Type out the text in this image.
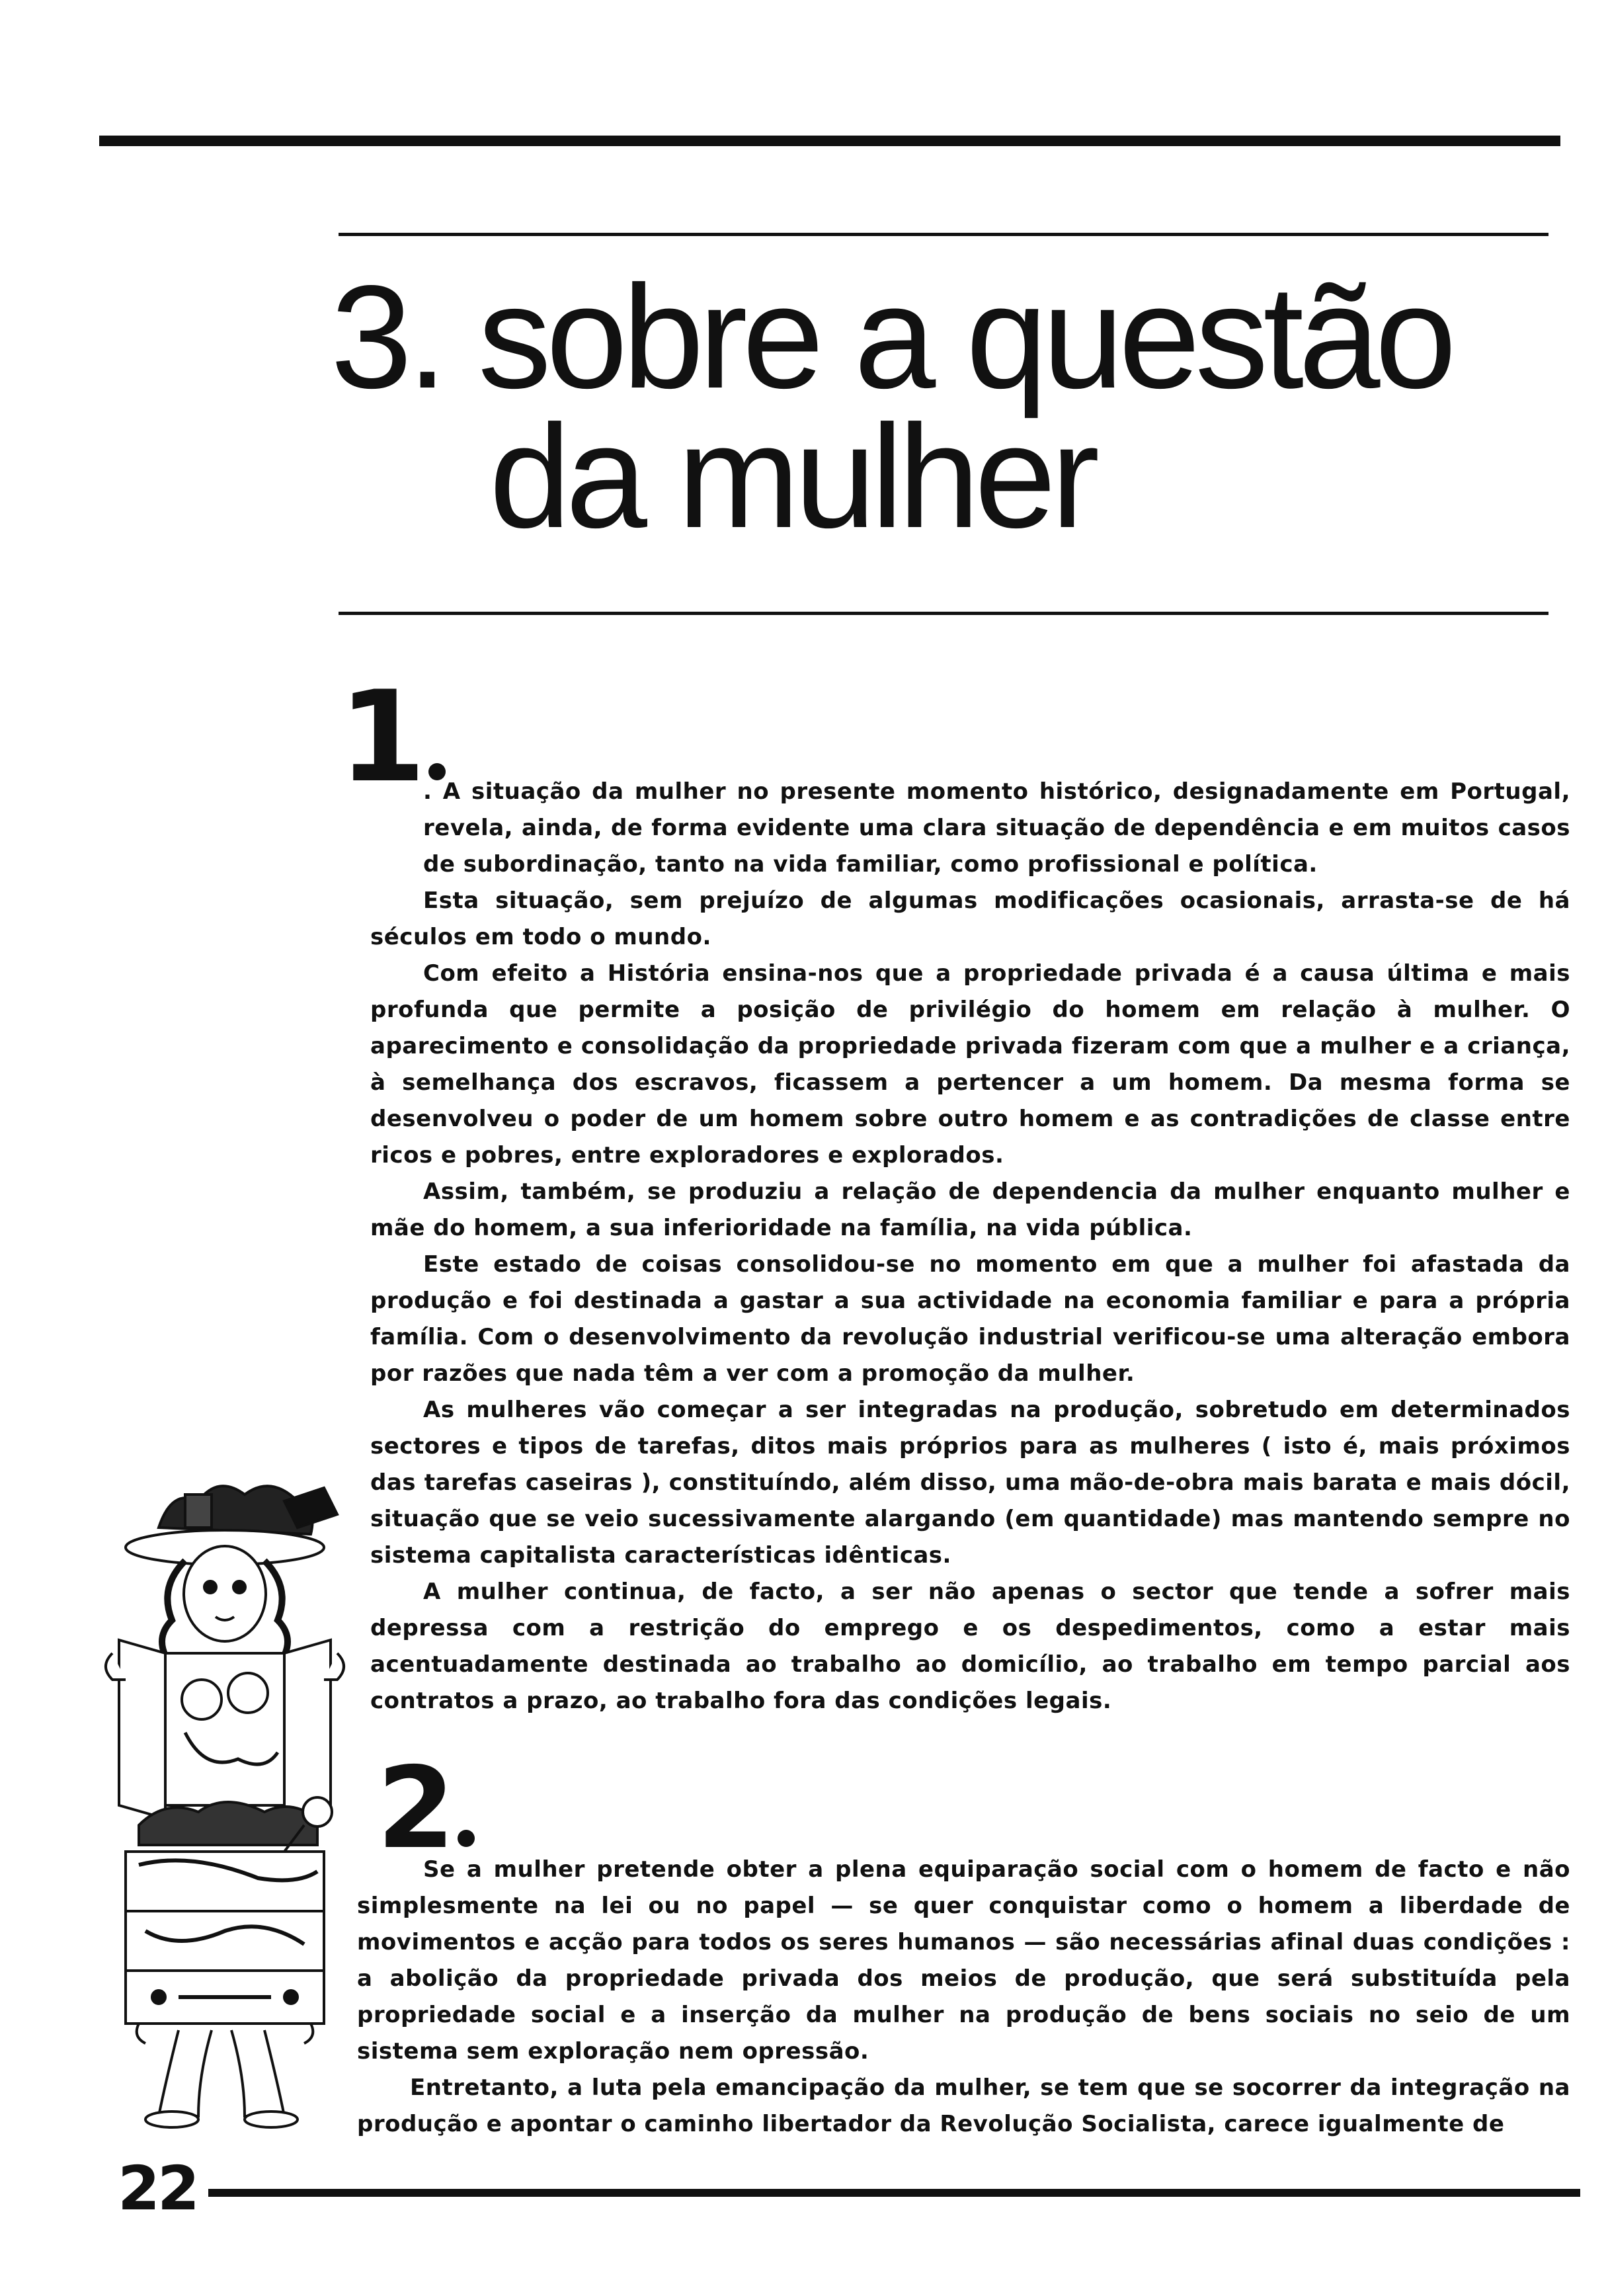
3. sobre a questão
da mulher
1

. A situação da mulher no presente momento histórico, designadamente em Portugal, revela, ainda, de forma evidente uma clara situação de dependência e em muitos casos de subordinação, tanto na vida familiar, como profissional e política.

Esta situação, sem prejuízo de algumas modificações ocasionais, arrasta-se de há séculos em todo o mundo.

Com efeito a História ensina-nos que a propriedade privada é a causa última e mais profunda que permite a posição de privilégio do homem em relação à mulher. O aparecimento e consolidação da propriedade privada fizeram com que a mulher e a criança, à semelhança dos escravos, ficassem a pertencer a um homem. Da mesma forma se desenvolveu o poder de um homem sobre outro homem e as contradições de classe entre ricos e pobres, entre exploradores e explorados.

Assim, também, se produziu a relação de dependencia da mulher enquanto mulher e mãe do homem, a sua inferioridade na família, na vida pública.

Este estado de coisas consolidou-se no momento em que a mulher foi afastada da produção e foi destinada a gastar a sua actividade na economia familiar e para a própria família. Com o desenvolvimento da revolução industrial verificou-se uma alteração embora por razões que nada têm a ver com a promoção da mulher.

As mulheres vão começar a ser integradas na produção, sobretudo em determinados sectores e tipos de tarefas, ditos mais próprios para as mulheres ( isto é, mais próximos das tarefas caseiras ), constituíndo, além disso, uma mão-de-obra mais barata e mais dócil, situação que se veio sucessivamente alargando (em quantidade) mas mantendo sempre no sistema capitalista características idênticas.

A mulher continua, de facto, a ser não apenas o sector que tende a sofrer mais depressa com a restrição do emprego e os despedimentos, como a estar mais acentuadamente destinada ao trabalho ao domicílio, ao trabalho em tempo parcial aos contratos a prazo, ao trabalho fora das condições legais.

2

Se a mulher pretende obter a plena equiparação social com o homem de facto e não simplesmente na lei ou no papel — se quer conquistar como o homem a liberdade de movimentos e acção para todos os seres humanos — são necessárias afinal duas condições : a abolição da propriedade privada dos meios de produção, que será substituída pela propriedade social e a inserção da mulher na produção de bens sociais no seio de um sistema sem exploração nem opressão.

Entretanto, a luta pela emancipação da mulher, se tem que se socorrer da integração na produção e apontar o caminho libertador da Revolução Socialista, carece igualmente de

22
